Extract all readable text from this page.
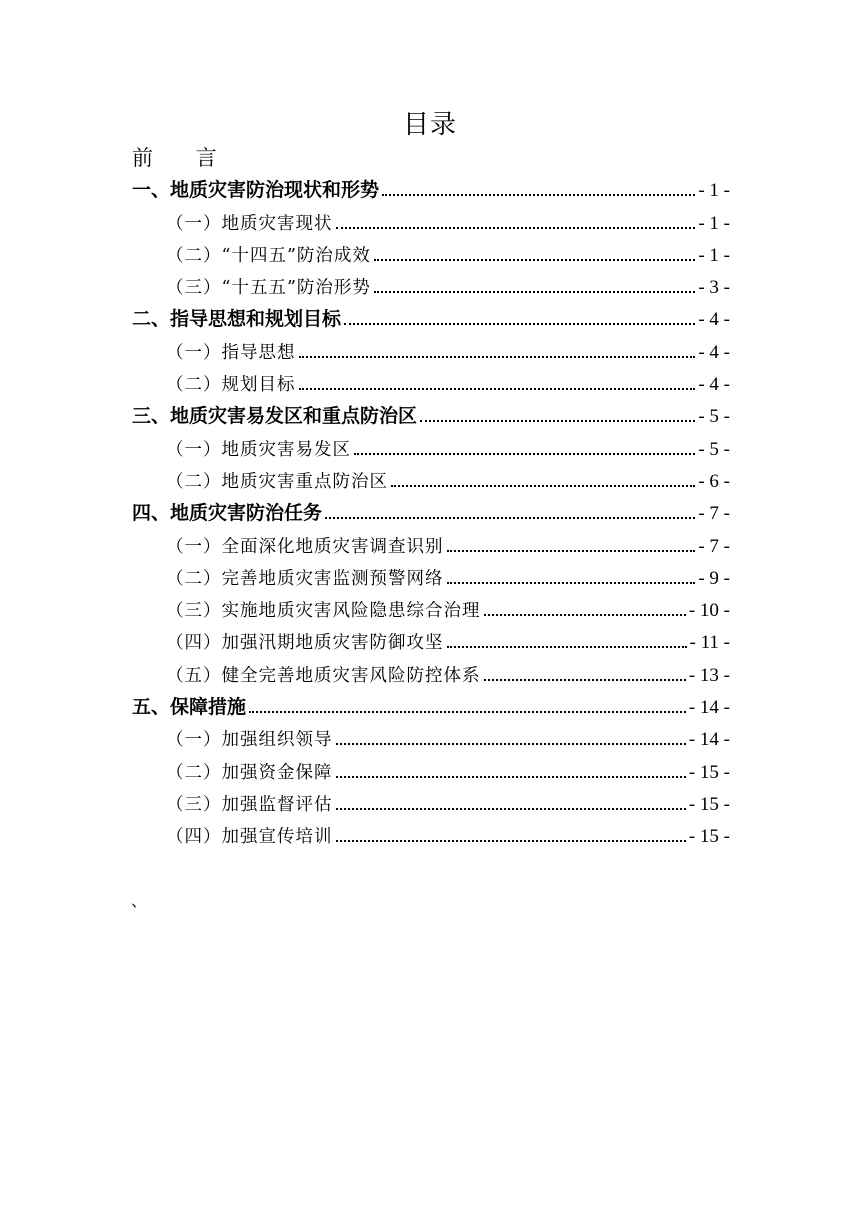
目录
前 言
一、地质灾害防治现状和形势	- 1 -
（一）地质灾害现状	- 1 -
（二）“十四五”防治成效	- 1 -
（三）“十五五”防治形势	- 3 -
二、指导思想和规划目标	- 4 -
（一）指导思想	- 4 -
（二）规划目标	- 4 -
三、地质灾害易发区和重点防治区	- 5 -
（一）地质灾害易发区	- 5 -
（二）地质灾害重点防治区	- 6 -
四、地质灾害防治任务	- 7 -
（一）全面深化地质灾害调查识别	- 7 -
（二）完善地质灾害监测预警网络	- 9 -
（三）实施地质灾害风险隐患综合治理	- 10 -
（四）加强汛期地质灾害防御攻坚	- 11 -
（五）健全完善地质灾害风险防控体系	- 13 -
五、保障措施	- 14 -
（一）加强组织领导	- 14 -
（二）加强资金保障	- 15 -
（三）加强监督评估	- 15 -
（四）加强宣传培训	- 15 -
、
